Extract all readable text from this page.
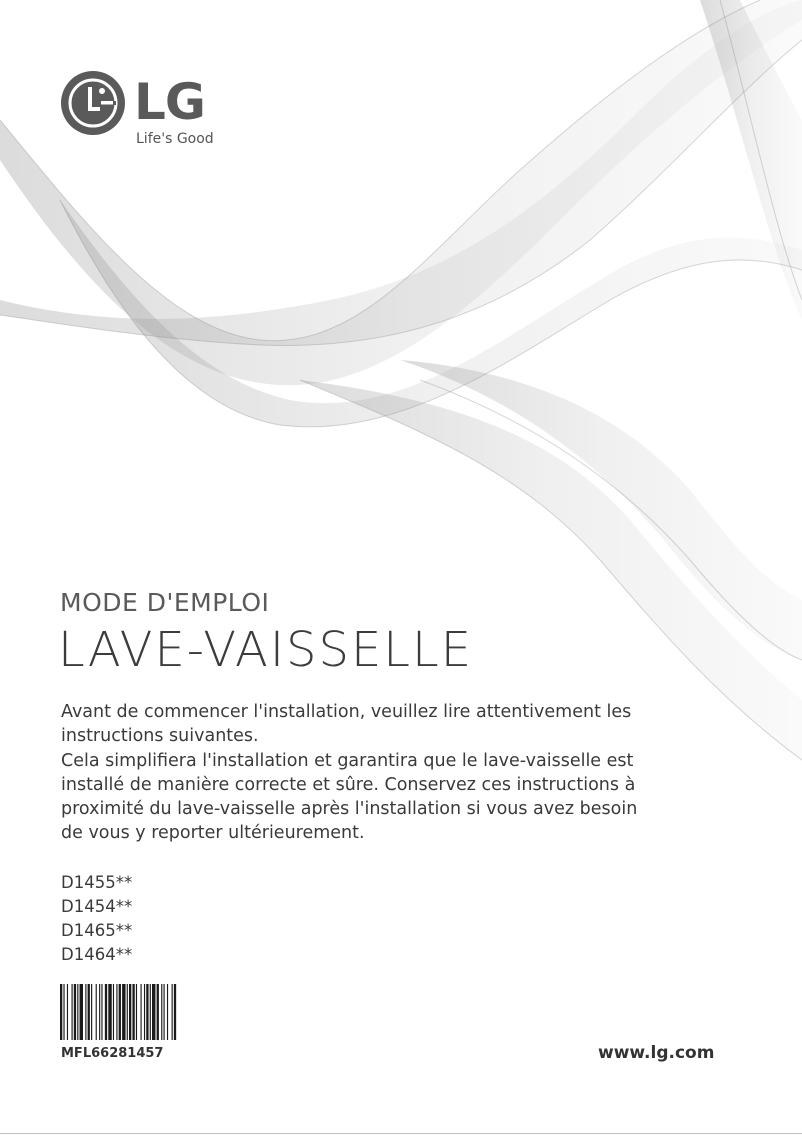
LG
Life's Good
MODE D'EMPLOI
LAVE-VAISSELLE

Avant de commencer l'installation, veuillez lire attentivement les
instructions suivantes.
Cela simplifiera l'installation et garantira que le lave-vaisselle est
installé de manière correcte et sûre. Conservez ces instructions à
proximité du lave-vaisselle après l'installation si vous avez besoin
de vous y reporter ultérieurement.

D1455**
D1454**
D1465**
D1464**
MFL66281457	www.lg.com
